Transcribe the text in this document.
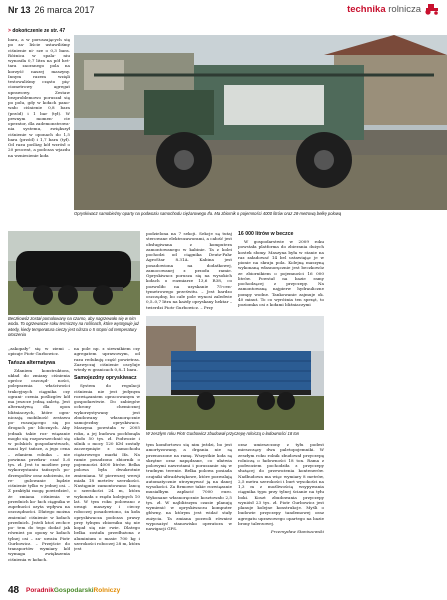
Nr 13 26 marca 2017	technika rolnicza
> dokończenie ze str. 47

bara, a w poruszających się po za- liście ustawiliśmy ciśnienie ni- sze o 0,3 bara. Różnica w spala- niu wynosiła 0,7 litra na pół het- tara zaoranego pola na korzyść naszej maszyny. Innym razem wzięli testowaliśmy często pię- ciometrowy agregat uprawowy. Zestaw bezproblemowo poruszał się po polu, gdy w kołach pano- wało ciśnienie 0,8 bara (przód) i 1 bar (tył). W pewnym momen- cie operator, dla zademonstrowa- nia systemu, zwiększył ciśnienie w oponach do 1,5 bara (przód) i 1,7 bara (tył). Od razu poślizg kół wzrósł o 20 procent, a podczas wjazdu na wzniesienie koła

Opryskiwacz samobieżny oparty na podwoziu samochodu ciężarowego Ifa. Ma zbiornik o pojemności 4000 litrów oraz 28-metrową belkę polową
Beczkowóz został pomalowany na czarno, aby nagrzewało się w nim woda. To ogrzewacze soku termiczny na roślinach, które występuje już wtedy, kiedy temperatura cieczy jest niższa o 5 stopni od temperatury otoczenia

„zakopały” się w ziemi – opisuje Piotr Gurbowicz.

Tańsza alternatywa

Zdaniem konstruktora, układ do zmiany ciśnienia oprócz oszczęd- ności, polepszenia właściwości trakcyjnych ciągnika czy ograni- czenia poślizgów kół ma jeszcze jedną zaletę. Jest alternatywą dla opon bliźniaczych, które ogra- niczają mobilność zestawu po- ruszającego się po drogach pu- blicznych. Aby jednak takie roz- wiązanie mogło się rozpowszechnić się w polskich gospodarstwach, musi być tańsze, a jego cena – zdaniem rolnika – nie powinna przekra- czać 5–6 tys. zł. Jest to możliwe przy wykorzystaniu tańszych po- drzespołów oraz założeniu, że re- gulowanie będzie ciśnienie tylko w jednej osi. – Z praktyki mogę powiedzieć, że zmiana ciśnienia w przednich ko- łach ciągnika w zupełności ozyta wpływa na oszczędności. Dlatego można zmieniać ciśnienie w kołach przednich. Jeżeli ktoś zechce po- tem do tego dodać jak również po opony w kołach tylnej osi – za- uważa Piotr Gurbowicz. – Przejście do transportów wymiary kół wymaga zwiększenia ciśnienia w kołach.

na pole np. z siewnikiem czy agregatem uprawowym, od razu redukuję część powietrza. Zazwyczaj ciśnienie oscyluje wtedy w granicach 0,8–1 bara.

Samojezdny opryskiwacz

System do regulacji ciśnienia nie jest jedynym rozwiązaniem opracowanym w gospodarstwie. Do zabiegów ochrony chemicznej wykorzystywany jest zbudowany własnoręcznie samojezdny opryskiwacz. Maszyna powstała w 2005 roku, a jej budowa pochłonęła około 50 tys. zł. Podwozie i silnik o mocy 120 KM zostały zaczerpnięte z samochodu ciężarowego marki Ifa. Na ramie posadzono zbiornik o pojemności 4000 litrów. Belka polowa była dwukrotnie zmieniana. W pierwszej wersji miała 18 metrów szerokości. Następnie zamontowano lancę o szerokości 24 m, która wykonała z rzędu kolejnych 10 lat. W tym roku polowano z uwagi maszyny i cieczy roboczej posadowiono, ża koła opryskiwacza podczas prawy przy tylnym zbiorniku się nie kopał się nie rwie. Dlatego belka została przedłużona z aluminium o masie 700 kg i szerokości roboczej 28 m, która jest

podzielona na 7 sekcji. Sekcje są tutaj sterowane elektrozaworami, a całość jest obsługiwana z komputera zamontowanego w kabinie. Ta z kolei pochodzi od ciągnika Deutz-Fahr AgroStar 8.31A. Kabina jest posadowiona na dodatkowej, zamocowanej z przodu ramie. Opryskiwacz porusza się na wysokich kołach o rozmiarze 13,6 R38, co pozwoliło na uzyskanie 75-cen- tymetrowego prześwitu. – Jest bardzo oszczędny, bo całe pole wynosi zaledwie 0,5–0,7 litra na każdy opryskany hektar – twierdzi Piotr Gurbowicz. – Przy

16 000 litrów w beczce

W gospodarstwie w 2009 roku powstała platforma do zbierania dużych kostek słomy. Maszyna była w stanie na raz załadować 14 bel ustawiając je w pionie na skraju pola. Kolejną maszyną wykonaną własnoręcznie jest beczkowóz ze zbiornikiem o pojemności 16 000 litrów. Powstał na bazie ramy pochodzącej z przyczepy. Na zamontowaną najpierw hydrauliczne pompy wodne. Tankowanie zajmuje ok. 40 minut. To co wyróżnia ten sprzęt, to poziomka osi z kołami bliźniaczymi

W zeszłym roku Piotr Gurbowicz zbudował przyczepę rolniczą o ładowności 18 ton

tym komfortowo się nim jeździ, bo jest amortyzowany, a drgania nie są przenoszone na ramę. Wszystkie koła są skrętne oraz napędzane, co ułatwia polowymi nawrotami i poruszanie się w trudnym terenie. Belka polowa posiada czujniki ultradźwiękowe, które pozwalają automatycznie utrzymywać ją na danej wysokości. Za firmowe takie rozwiązanie musiałbym zapłacić 7000 euro. Wykonane własnoręcznie kosztowało 2,5 tys. zł. W najbliższym czasie planuję wymienić w opryskiwaczu komputer główny, na którym jest widać stały zużycia. Ta zmiana pozwoli również wyposażyć stanowisko operatora w nawigacji GPS.

oraz umieszczony z tyłu podest mieszczący dwa paletopojemniki. W zeszłym roku rolnik zbudował przyczepę rolniczą o ładowności 18 ton. Rama z podwoziem pochodziła z przyczepy służącej do przewożenia kontenerów. Nadbudowa ma więc wymiary 8 metrów, 2,5 metra szerokości i burt wysokości na 1,3 m z możliwością wsypywania ciągnika typu przy tylnej ścianie na tyłu boki. Koszt zbudowania przyczepy wyniósł 23 tys. zł. Piotr Gurbowicz jest planuje kolejne konstrukcje. Myśli o budowie przyczepy tandemowej oraz agregatu uprawowego opartego na bazie brony talerzowej.

Przemysław Staniszewski

48 PoradnikGospodarskiRolniczy
